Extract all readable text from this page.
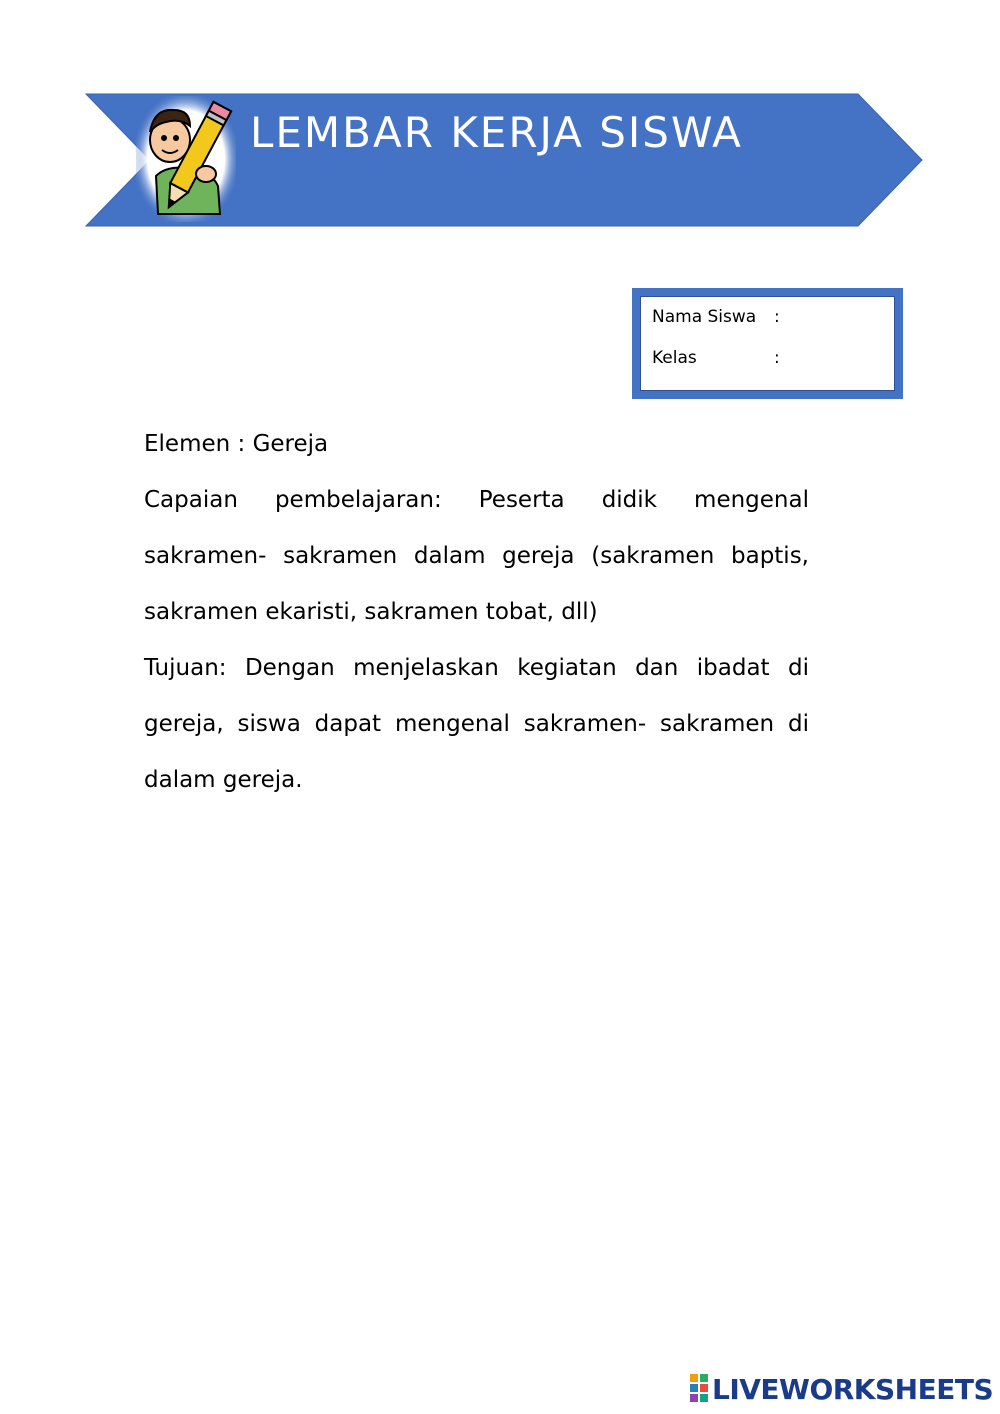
LEMBAR KERJA SISWA
Nama Siswa :
Kelas	:

Elemen : Gereja

Capaian pembelajaran: Peserta didik mengenal sakramen- sakramen dalam gereja (sakramen baptis, sakramen ekaristi, sakramen tobat, dll)

Tujuan: Dengan menjelaskan kegiatan dan ibadat di gereja, siswa dapat mengenal sakramen- sakramen di dalam gereja.

LIVEWORKSHEETS
